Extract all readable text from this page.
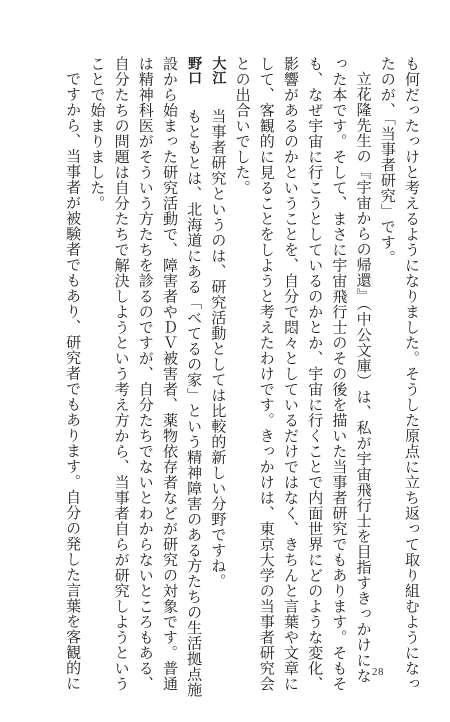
も何だったっけと考えるようになりました。そうした原点に立ち返って取り組むようになっ
たのが、「当事者研究」です。
立花隆先生の『宇宙からの帰還』（中公文庫）は、私が宇宙飛行士を目指すきっかけにな
った本です。そして、まさに宇宙飛行士のその後を描いた当事者研究でもあります。そもそ
も、なぜ宇宙に行こうとしているのかとか、宇宙に行くことで内面世界にどのような変化、
影響があるのかということを、自分で悶々としているだけではなく、きちんと言葉や文章に
して、客観的に見ることをしようと考えたわけです。きっかけは、東京大学の当事者研究会
との出合いでした。
大江　当事者研究というのは、研究活動としては比較的新しい分野ですね。
野口　もともとは、北海道にある「べてるの家」という精神障害のある方たちの生活拠点施
設から始まった研究活動で、障害者やＤＶ被害者、薬物依存者などが研究の対象です。普通
は精神科医がそういう方たちを診るのですが、自分たちでないとわからないところもある、
自分たちの問題は自分たちで解決しようという考え方から、当事者自らが研究しようという
ことで始まりました。
ですから、当事者が被験者でもあり、研究者でもあります。自分の発した言葉を客観的に	28
